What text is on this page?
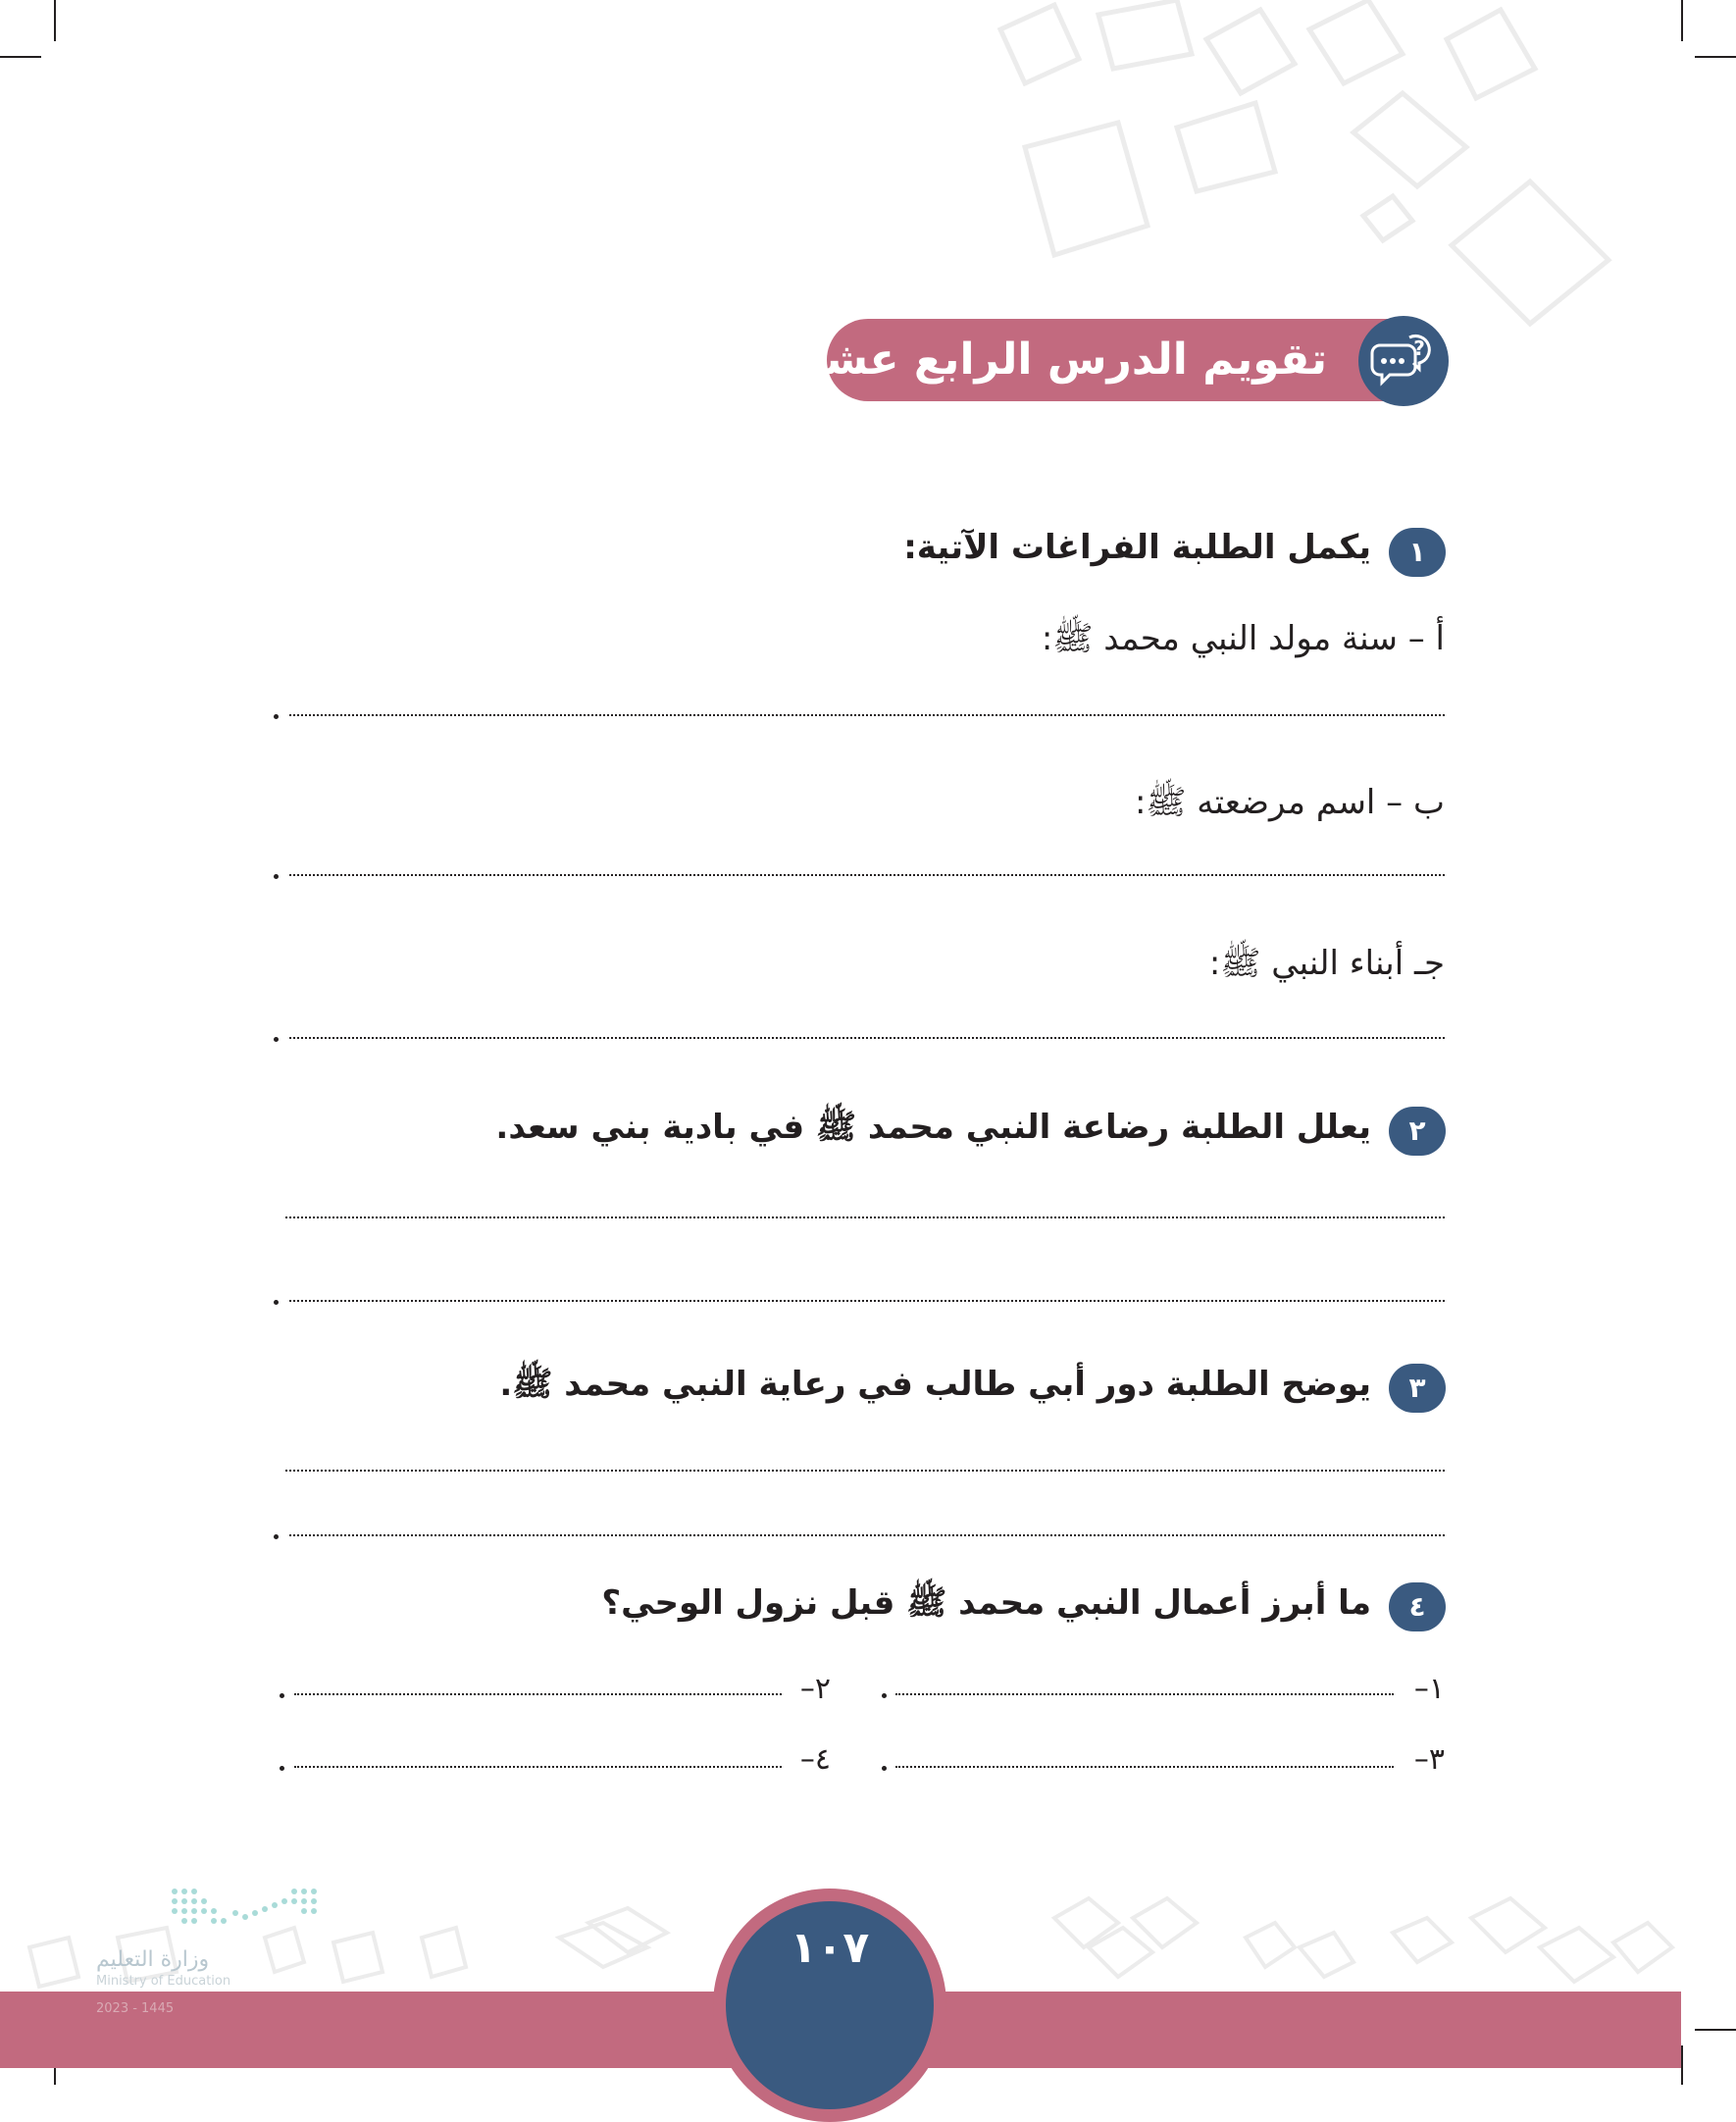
?
تقويم الدرس الرابع عشر
١
يكمل الطلبة الفراغات الآتية:
أ – سنة مولد النبي محمد ﷺ:
ب – اسم مرضعته ﷺ:
جـ أبناء النبي ﷺ:
٢
يعلل الطلبة رضاعة النبي محمد ﷺ في بادية بني سعد.
٣
يوضح الطلبة دور أبي طالب في رعاية النبي محمد ﷺ.
٤
ما أبرز أعمال النبي محمد ﷺ قبل نزول الوحي؟
١–
٢–
٣–
٤–
١٠٧
وزارة التعليم
Ministry of Education
2023 - 1445
